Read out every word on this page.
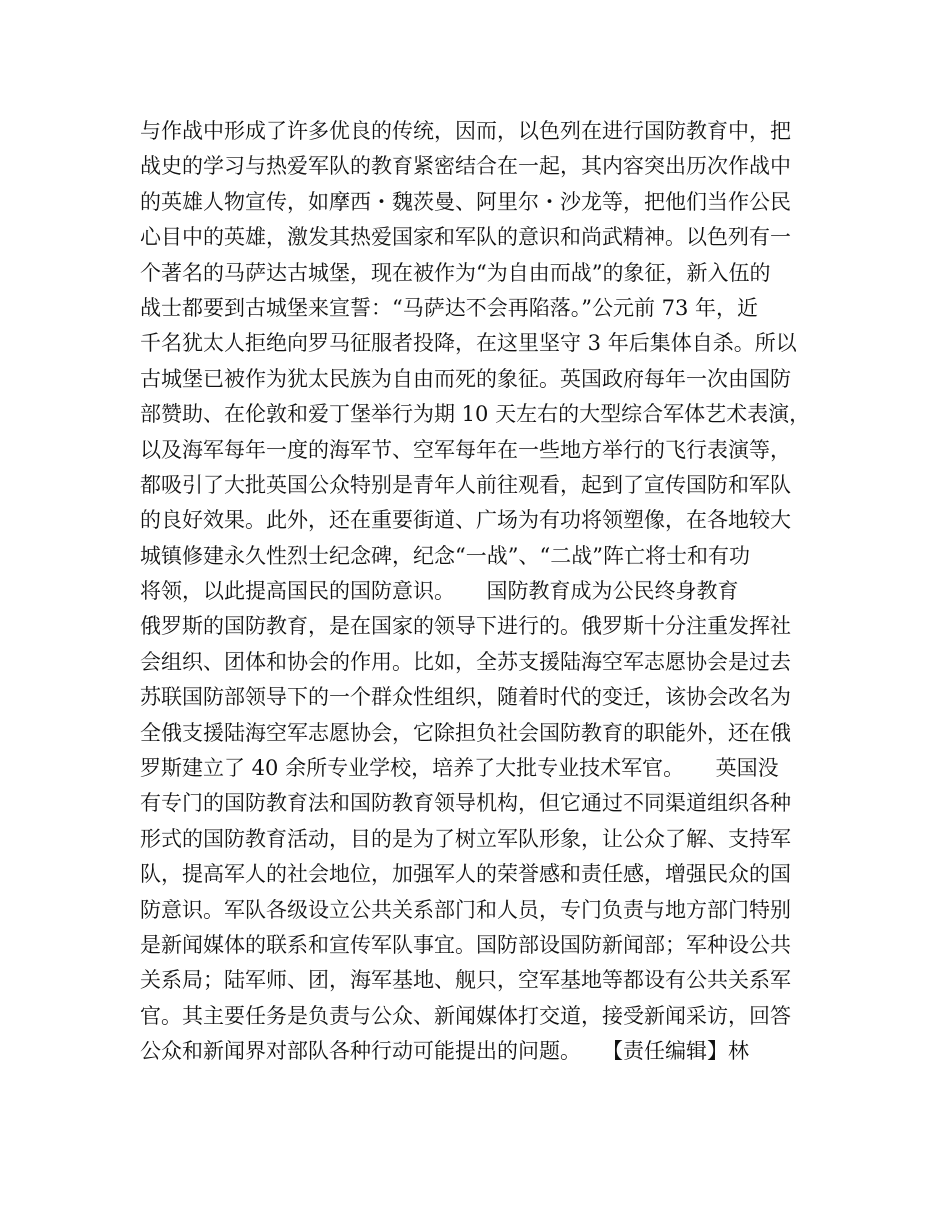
与作战中形成了许多优良的传统，因而，以色列在进行国防教育中，把
战史的学习与热爱军队的教育紧密结合在一起，其内容突出历次作战中
的英雄人物宣传，如摩西・魏茨曼、阿里尔・沙龙等，把他们当作公民
心目中的英雄，激发其热爱国家和军队的意识和尚武精神。以色列有一
个著名的马萨达古城堡，现在被作为“为自由而战”的象征，新入伍的
战士都要到古城堡来宣誓：“马萨达不会再陷落。”公元前 73 年，近
千名犹太人拒绝向罗马征服者投降，在这里坚守 3 年后集体自杀。所以
古城堡已被作为犹太民族为自由而死的象征。英国政府每年一次由国防
部赞助、在伦敦和爱丁堡举行为期 10 天左右的大型综合军体艺术表演，
以及海军每年一度的海军节、空军每年在一些地方举行的飞行表演等，
都吸引了大批英国公众特别是青年人前往观看，起到了宣传国防和军队
的良好效果。此外，还在重要街道、广场为有功将领塑像，在各地较大
城镇修建永久性烈士纪念碑，纪念“一战”、“二战”阵亡将士和有功
将领，以此提高国民的国防意识。　　国防教育成为公民终身教育
俄罗斯的国防教育，是在国家的领导下进行的。俄罗斯十分注重发挥社
会组织、团体和协会的作用。比如，全苏支援陆海空军志愿协会是过去
苏联国防部领导下的一个群众性组织，随着时代的变迁，该协会改名为
全俄支援陆海空军志愿协会，它除担负社会国防教育的职能外，还在俄
罗斯建立了 40 余所专业学校，培养了大批专业技术军官。　　英国没
有专门的国防教育法和国防教育领导机构，但它通过不同渠道组织各种
形式的国防教育活动，目的是为了树立军队形象，让公众了解、支持军
队，提高军人的社会地位，加强军人的荣誉感和责任感，增强民众的国
防意识。军队各级设立公共关系部门和人员，专门负责与地方部门特别
是新闻媒体的联系和宣传军队事宜。国防部设国防新闻部；军种设公共
关系局；陆军师、团，海军基地、舰只，空军基地等都设有公共关系军
官。其主要任务是负责与公众、新闻媒体打交道，接受新闻采访，回答
公众和新闻界对部队各种行动可能提出的问题。　　【责任编辑】林
